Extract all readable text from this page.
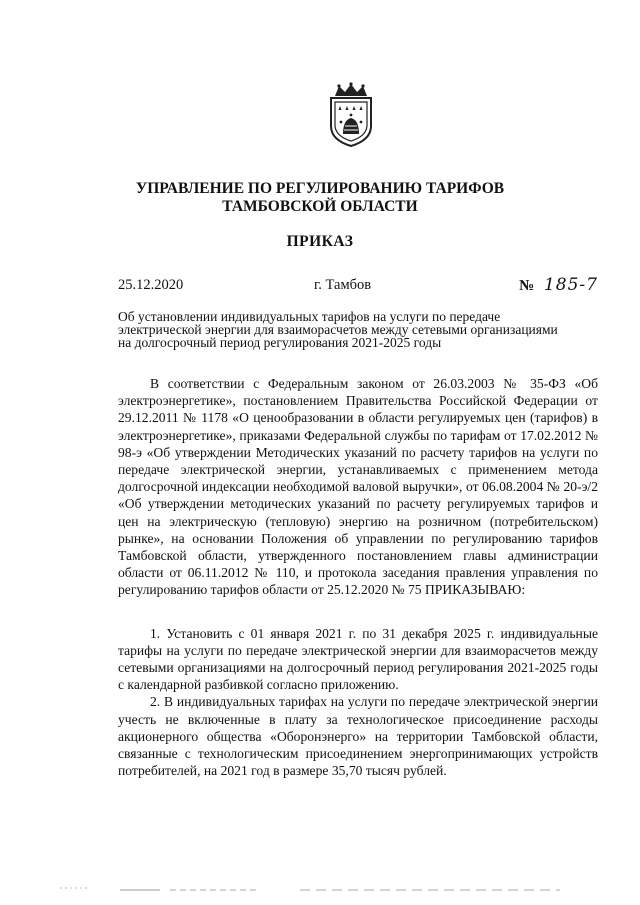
УПРАВЛЕНИЕ ПО РЕГУЛИРОВАНИЮ ТАРИФОВ
ТАМБОВСКОЙ ОБЛАСТИ
ПРИКАЗ
25.12.2020	г. Тамбов	№ 185-7
Об установлении индивидуальных тарифов на услуги по передаче
электрической энергии для взаиморасчетов между сетевыми организациями
на долгосрочный период регулирования 2021-2025 годы

В соответствии с Федеральным законом от 26.03.2003 № 35-ФЗ «Об электроэнергетике», постановлением Правительства Российской Федерации от 29.12.2011 № 1178 «О ценообразовании в области регулируемых цен (тарифов) в электроэнергетике», приказами Федеральной службы по тарифам от 17.02.2012 № 98-э «Об утверждении Методических указаний по расчету тарифов на услуги по передаче электрической энергии, устанавливаемых с применением метода долгосрочной индексации необходимой валовой выручки», от 06.08.2004 № 20-э/2 «Об утверждении методических указаний по расчету регулируемых тарифов и цен на электрическую (тепловую) энергию на розничном (потребительском) рынке», на основании Положения об управлении по регулированию тарифов Тамбовской области, утвержденного постановлением главы администрации области от 06.11.2012 № 110, и протокола заседания правления управления по регулированию тарифов области от 25.12.2020 № 75 ПРИКАЗЫВАЮ:

1. Установить с 01 января 2021 г. по 31 декабря 2025 г. индивидуальные тарифы на услуги по передаче электрической энергии для взаиморасчетов между сетевыми организациями на долгосрочный период регулирования 2021-2025 годы с календарной разбивкой согласно приложению.

2. В индивидуальных тарифах на услуги по передаче электрической энергии учесть не включенные в плату за технологическое присоединение расходы акционерного общества «Оборонэнерго» на территории Тамбовской области, связанные с технологическим присоединением энергопринимающих устройств потребителей, на 2021 год в размере 35,70 тысяч рублей.
